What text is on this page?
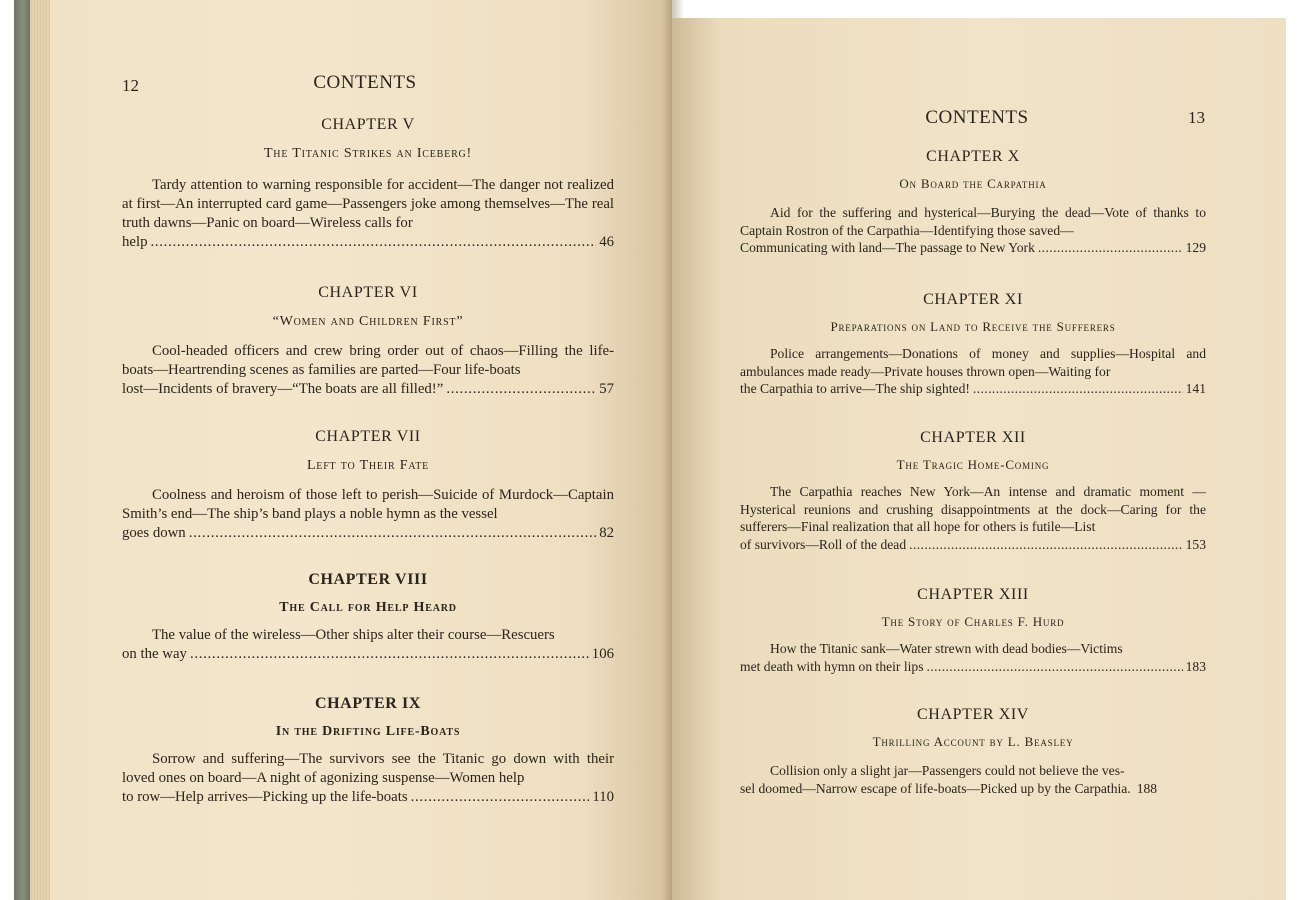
12	CONTENTS
CHAPTER V
The Titanic Strikes an Iceberg!
Tardy attention to warning responsible for accident—The danger not realized at first—An interrupted card game—Passengers joke among themselves—The real truth dawns—Panic on board—Wireless calls for
help . . .	46
CHAPTER VI
“Women and Children First”
Cool-headed officers and crew bring order out of chaos—Filling the life-boats—Heartrending scenes as families are parted—Four life-boats
lost—Incidents of bravery—“The boats are all filled!” . . .	57
CHAPTER VII
Left to Their Fate
Coolness and heroism of those left to perish—Suicide of Murdock—Captain Smith’s end—The ship’s band plays a noble hymn as the vessel
goes down . . .	82
CHAPTER VIII
The Call for Help Heard
The value of the wireless—Other ships alter their course—Rescuers
on the way . . .	106
CHAPTER IX
In the Drifting Life-Boats
Sorrow and suffering—The survivors see the Titanic go down with their loved ones on board—A night of agonizing suspense—Women help
to row—Help arrives—Picking up the life-boats . . .	110
CONTENTS	13
CHAPTER X
On Board the Carpathia
Aid for the suffering and hysterical—Burying the dead—Vote of thanks to Captain Rostron of the Carpathia—Identifying those saved—
Communicating with land—The passage to New York . . .	129
CHAPTER XI
Preparations on Land to Receive the Sufferers
Police arrangements—Donations of money and supplies—Hospital and ambulances made ready—Private houses thrown open—Waiting for
the Carpathia to arrive—The ship sighted! . . .	141
CHAPTER XII
The Tragic Home-Coming
The Carpathia reaches New York—An intense and dramatic moment —Hysterical reunions and crushing disappointments at the dock—Caring for the sufferers—Final realization that all hope for others is futile—List
of survivors—Roll of the dead . . .	153
CHAPTER XIII
The Story of Charles F. Hurd
How the Titanic sank—Water strewn with dead bodies—Victims
met death with hymn on their lips . . .	183
CHAPTER XIV
Thrilling Account by L. Beasley
Collision only a slight jar—Passengers could not believe the ves-
sel doomed—Narrow escape of life-boats—Picked up by the Carpathia. 188
